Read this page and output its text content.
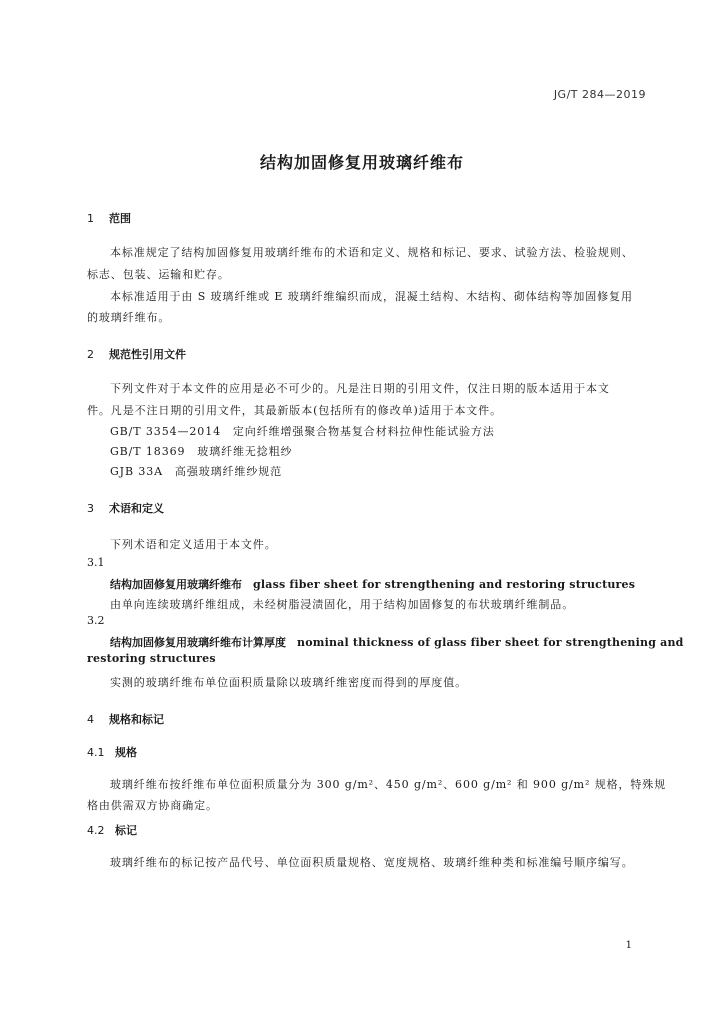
JG/T 284—2019
结构加固修复用玻璃纤维布
1 范围
本标准规定了结构加固修复用玻璃纤维布的术语和定义、规格和标记、要求、试验方法、检验规则、
标志、包装、运输和贮存。
本标准适用于由 S 玻璃纤维或 E 玻璃纤维编织而成，混凝土结构、木结构、砌体结构等加固修复用
的玻璃纤维布。
2 规范性引用文件
下列文件对于本文件的应用是必不可少的。凡是注日期的引用文件，仅注日期的版本适用于本文
件。凡是不注日期的引用文件，其最新版本(包括所有的修改单)适用于本文件。
GB/T 3354—2014　定向纤维增强聚合物基复合材料拉伸性能试验方法
GB/T 18369　玻璃纤维无捻粗纱
GJB 33A　高强玻璃纤维纱规范
3 术语和定义
下列术语和定义适用于本文件。
3.1
结构加固修复用玻璃纤维布　 glass fiber sheet for strengthening and restoring structures
由单向连续玻璃纤维组成，未经树脂浸渍固化，用于结构加固修复的布状玻璃纤维制品。
3.2
结构加固修复用玻璃纤维布计算厚度　 nominal thickness of glass fiber sheet for strengthening and
restoring structures
实测的玻璃纤维布单位面积质量除以玻璃纤维密度而得到的厚度值。
4 规格和标记
4.1 规格
玻璃纤维布按纤维布单位面积质量分为 300 g/m²、450 g/m²、600 g/m² 和 900 g/m² 规格，特殊规
格由供需双方协商确定。
4.2 标记
玻璃纤维布的标记按产品代号、单位面积质量规格、宽度规格、玻璃纤维种类和标准编号顺序编写。
1
